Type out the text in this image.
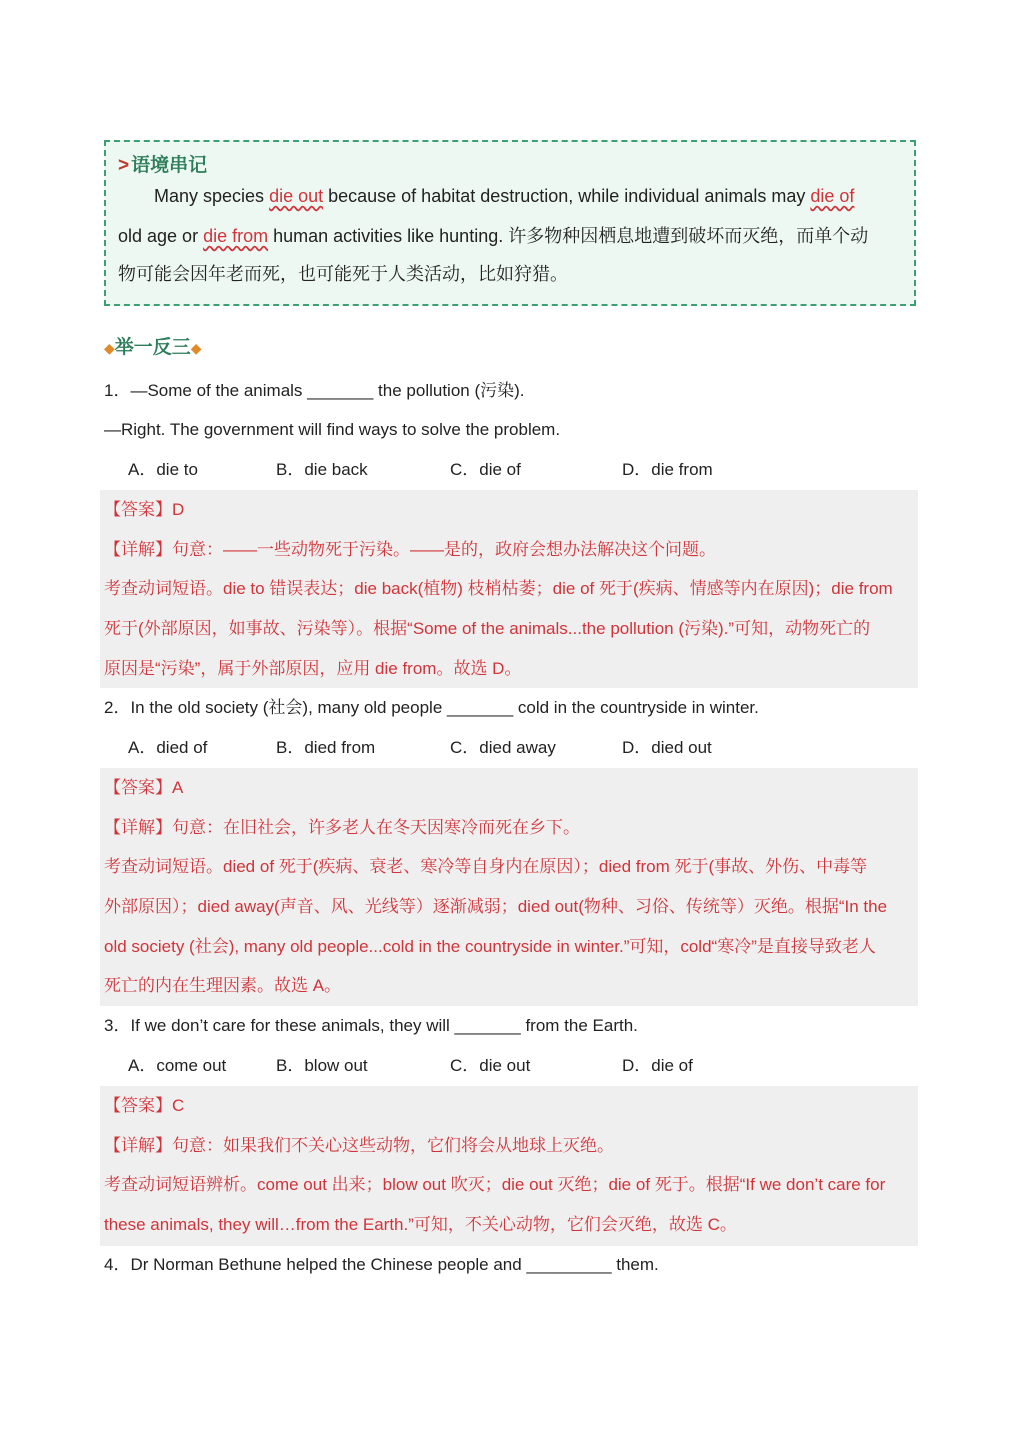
> 语境串记
Many species die out because of habitat destruction, while individual animals may die of
old age or die from human activities like hunting. 许多物种因栖息地遭到破坏而灭绝，而单个动
物可能会因年老而死，也可能死于人类活动，比如狩猎。
◆举一反三◆
1．—Some of the animals _______ the pollution (污染).
—Right. The government will find ways to solve the problem.
A．die to	B．die back	C．die of	D．die from
【答案】D
【详解】句意：——一些动物死于污染。——是的，政府会想办法解决这个问题。
考查动词短语。die to 错误表达；die back(植物) 枝梢枯萎；die of 死于(疾病、情感等内在原因)；die from
死于(外部原因，如事故、污染等）。根据“Some of the animals...the pollution (污染).”可知，动物死亡的
原因是“污染”，属于外部原因，应用 die from。故选 D。
2．In the old society (社会), many old people _______ cold in the countryside in winter.
A．died of	B．died from	C．died away	D．died out
【答案】A
【详解】句意：在旧社会，许多老人在冬天因寒冷而死在乡下。
考查动词短语。died of 死于(疾病、衰老、寒冷等自身内在原因）；died from 死于(事故、外伤、中毒等
外部原因）；died away(声音、风、光线等）逐渐减弱；died out(物种、习俗、传统等）灭绝。根据“In the
old society (社会), many old people...cold in the countryside in winter.”可知，cold“寒冷”是直接导致老人
死亡的内在生理因素。故选 A。
3．If we don’t care for these animals, they will _______ from the Earth.
A．come out	B．blow out	C．die out	D．die of
【答案】C
【详解】句意：如果我们不关心这些动物，它们将会从地球上灭绝。
考查动词短语辨析。come out 出来；blow out 吹灭；die out 灭绝；die of 死于。根据“If we don’t care for
these animals, they will…from the Earth.”可知，不关心动物，它们会灭绝，故选 C。
4．Dr Norman Bethune helped the Chinese people and _________ them.
